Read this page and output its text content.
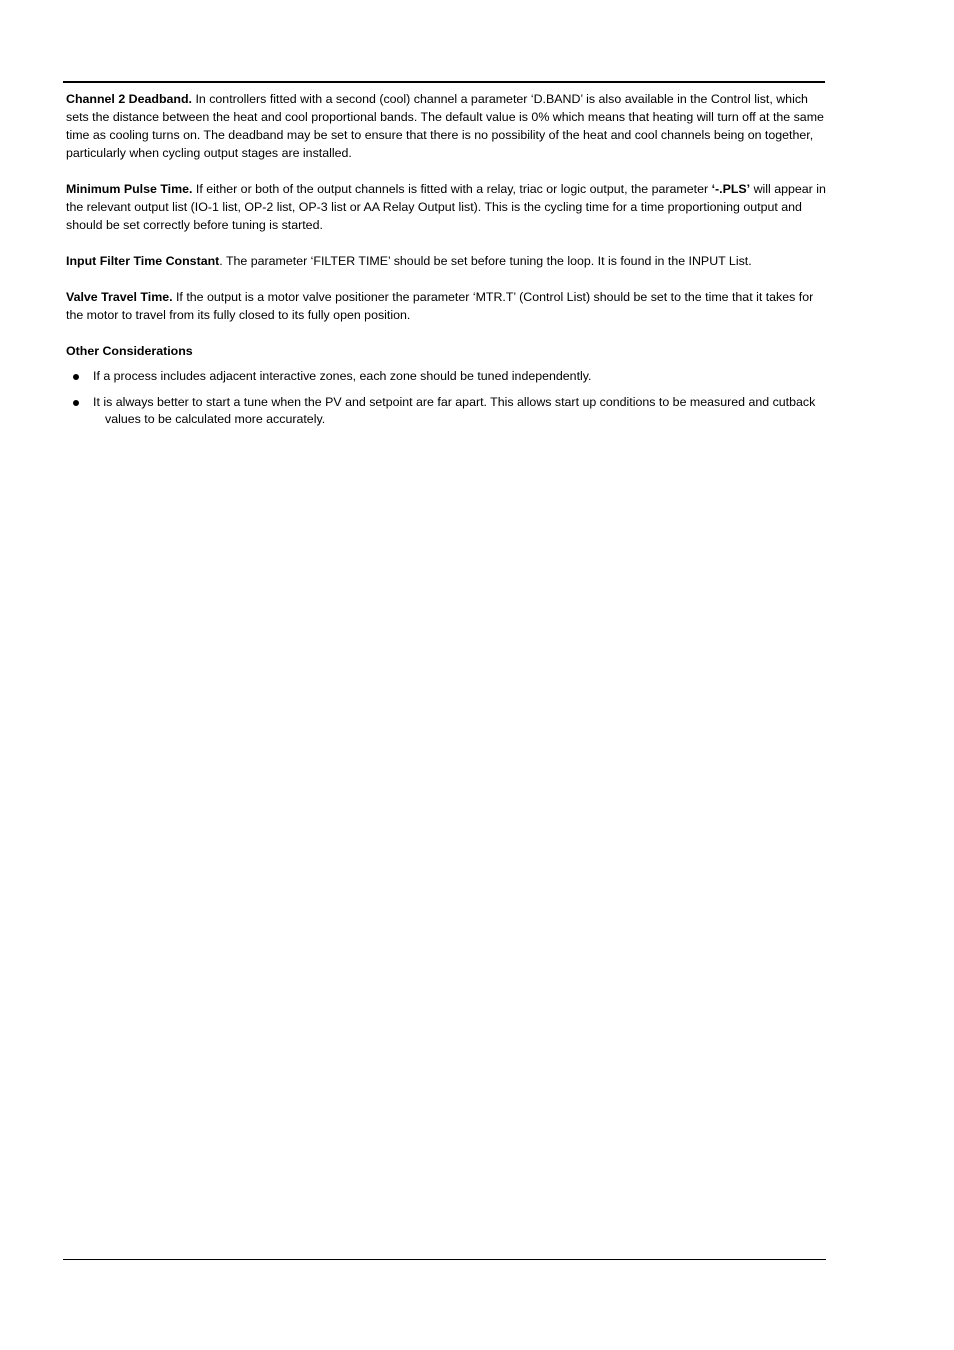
Channel 2 Deadband. In controllers fitted with a second (cool) channel a parameter ‘D.BAND’ is also available in the Control list, which sets the distance between the heat and cool proportional bands. The default value is 0% which means that heating will turn off at the same time as cooling turns on. The deadband may be set to ensure that there is no possibility of the heat and cool channels being on together, particularly when cycling output stages are installed.

Minimum Pulse Time. If either or both of the output channels is fitted with a relay, triac or logic output, the parameter ‘-.PLS’ will appear in the relevant output list (IO-1 list, OP-2 list, OP-3 list or AA Relay Output list). This is the cycling time for a time proportioning output and should be set correctly before tuning is started.

Input Filter Time Constant. The parameter ‘FILTER TIME’ should be set before tuning the loop. It is found in the INPUT List.

Valve Travel Time. If the output is a motor valve positioner the parameter ‘MTR.T’ (Control List) should be set to the time that it takes for the motor to travel from its fully closed to its fully open position.

Other Considerations

If a process includes adjacent interactive zones, each zone should be tuned independently.
It is always better to start a tune when the PV and setpoint are far apart. This allows start up conditions to be measured and cutback values to be calculated more accurately.
